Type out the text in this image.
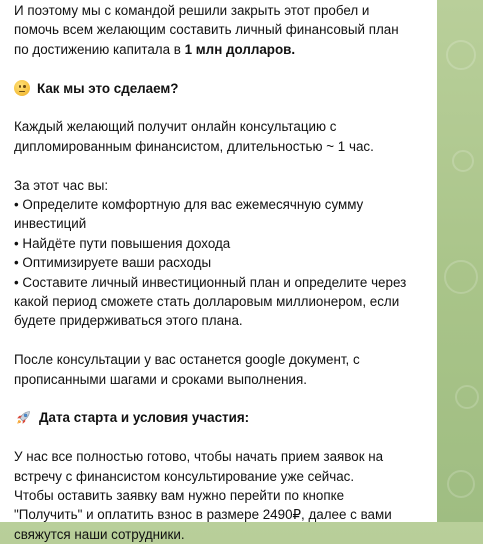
И поэтому мы с командой решили закрыть этот пробел и
помочь всем желающим составить личный финансовый план
по достижению капитала в 1 млн долларов.
Как мы это сделаем?
Каждый желающий получит онлайн консультацию с
дипломированным финансистом, длительностью ~ 1 час.
За этот час вы:
• Определите комфортную для вас ежемесячную сумму
инвестиций
• Найдёте пути повышения дохода
• Оптимизируете ваши расходы
• Составите личный инвестиционный план и определите через
какой период сможете стать долларовым миллионером, если
будете придерживаться этого плана.
После консультации у вас останется google документ, с
прописанными шагами и сроками выполнения.
Дата старта и условия участия:
У нас все полностью готово, чтобы начать прием заявок на
встречу с финансистом консультирование уже сейчас.
Чтобы оставить заявку вам нужно перейти по кнопке
"Получить" и оплатить взнос в размере 2490₽, далее с вами
свяжутся наши сотрудники.
